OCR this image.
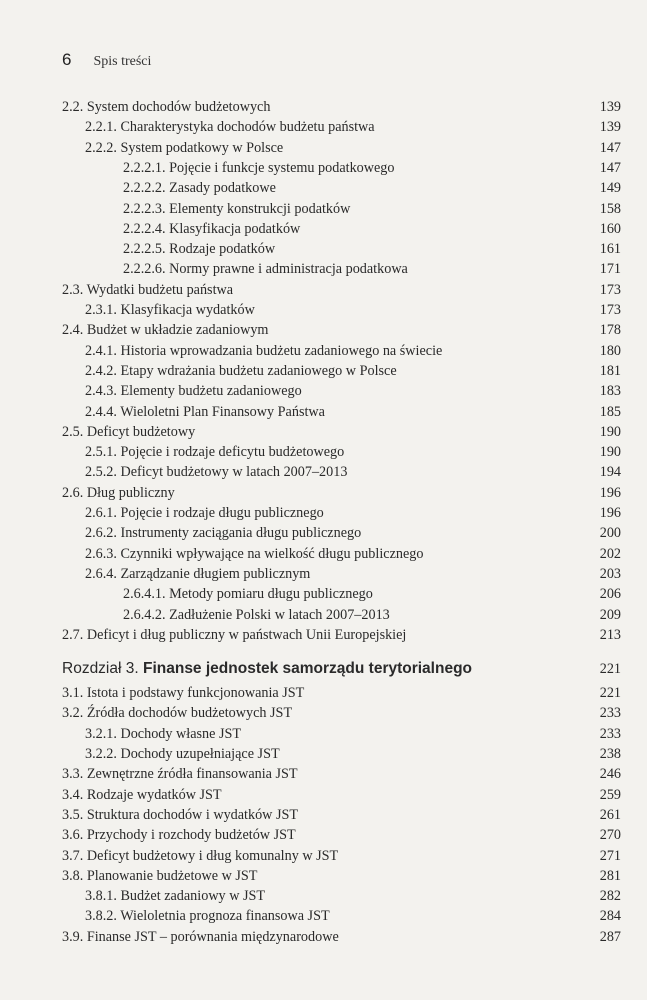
6 Spis treści
2.2. System dochodów budżetowych	139
2.2.1. Charakterystyka dochodów budżetu państwa	139
2.2.2. System podatkowy w Polsce	147
2.2.2.1. Pojęcie i funkcje systemu podatkowego	147
2.2.2.2. Zasady podatkowe	149
2.2.2.3. Elementy konstrukcji podatków	158
2.2.2.4. Klasyfikacja podatków	160
2.2.2.5. Rodzaje podatków	161
2.2.2.6. Normy prawne i administracja podatkowa	171
2.3. Wydatki budżetu państwa	173
2.3.1. Klasyfikacja wydatków	173
2.4. Budżet w układzie zadaniowym	178
2.4.1. Historia wprowadzania budżetu zadaniowego na świecie	180
2.4.2. Etapy wdrażania budżetu zadaniowego w Polsce	181
2.4.3. Elementy budżetu zadaniowego	183
2.4.4. Wieloletni Plan Finansowy Państwa	185
2.5. Deficyt budżetowy	190
2.5.1. Pojęcie i rodzaje deficytu budżetowego	190
2.5.2. Deficyt budżetowy w latach 2007–2013	194
2.6. Dług publiczny	196
2.6.1. Pojęcie i rodzaje długu publicznego	196
2.6.2. Instrumenty zaciągania długu publicznego	200
2.6.3. Czynniki wpływające na wielkość długu publicznego	202
2.6.4. Zarządzanie długiem publicznym	203
2.6.4.1. Metody pomiaru długu publicznego	206
2.6.4.2. Zadłużenie Polski w latach 2007–2013	209
2.7. Deficyt i dług publiczny w państwach Unii Europejskiej	213
Rozdział 3. Finanse jednostek samorządu terytorialnego	221
3.1. Istota i podstawy funkcjonowania JST	221
3.2. Źródła dochodów budżetowych JST	233
3.2.1. Dochody własne JST	233
3.2.2. Dochody uzupełniające JST	238
3.3. Zewnętrzne źródła finansowania JST	246
3.4. Rodzaje wydatków JST	259
3.5. Struktura dochodów i wydatków JST	261
3.6. Przychody i rozchody budżetów JST	270
3.7. Deficyt budżetowy i dług komunalny w JST	271
3.8. Planowanie budżetowe w JST	281
3.8.1. Budżet zadaniowy w JST	282
3.8.2. Wieloletnia prognoza finansowa JST	284
3.9. Finanse JST – porównania międzynarodowe	287
